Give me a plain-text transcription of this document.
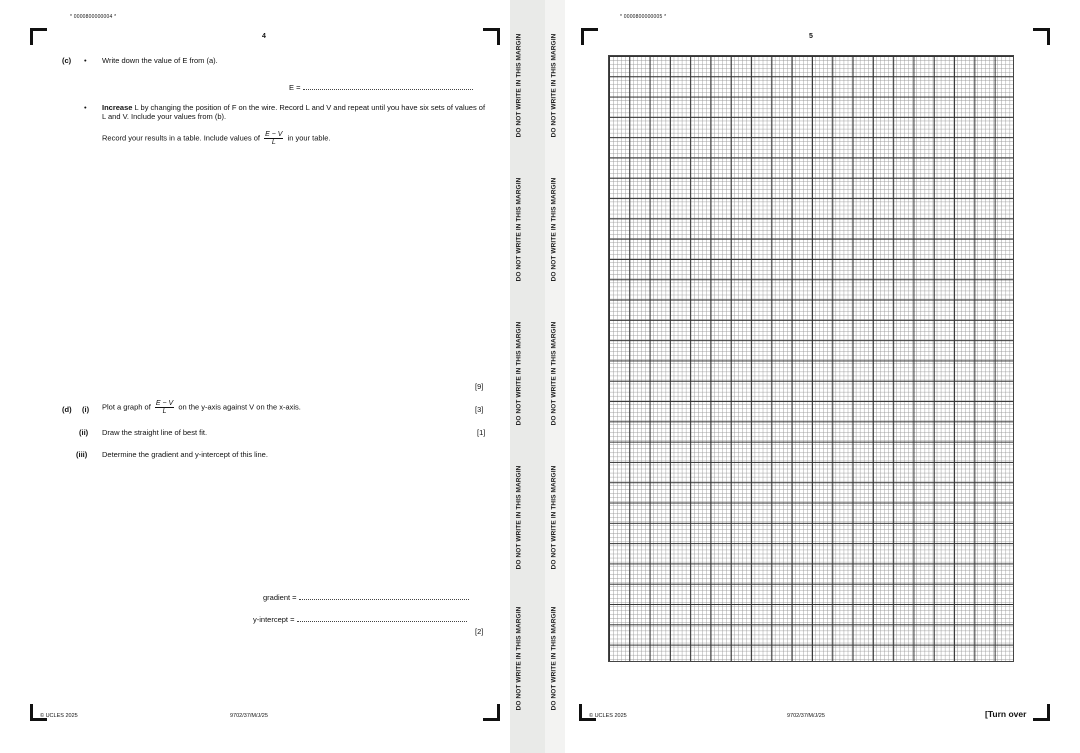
* 0000800000004 *
4
(c) • Write down the value of E from (a).
E =
• Increase L by changing the position of F on the wire. Record L and V and repeat until you have six sets of values of L and V. Include your values from (b).
Record your results in a table. Include values of $\frac{E - V}{L}$ in your table.
[9]
(d) (i) Plot a graph of $\frac{E - V}{L}$ on the y-axis against V on the x-axis.	[3]
(ii) Draw the straight line of best fit.	[1]
(iii) Determine the gradient and y-intercept of this line.
gradient =
y-intercept =
[2]
© UCLES 2025	9702/37/M/J/25
DO NOT WRITE IN THIS MARGIN
DO NOT WRITE IN THIS MARGIN
DO NOT WRITE IN THIS MARGIN
DO NOT WRITE IN THIS MARGIN
DO NOT WRITE IN THIS MARGIN
DO NOT WRITE IN THIS MARGIN
DO NOT WRITE IN THIS MARGIN
DO NOT WRITE IN THIS MARGIN
DO NOT WRITE IN THIS MARGIN
DO NOT WRITE IN THIS MARGIN
* 0000800000005 *
5
© UCLES 2025	9702/37/M/J/25	[Turn over
